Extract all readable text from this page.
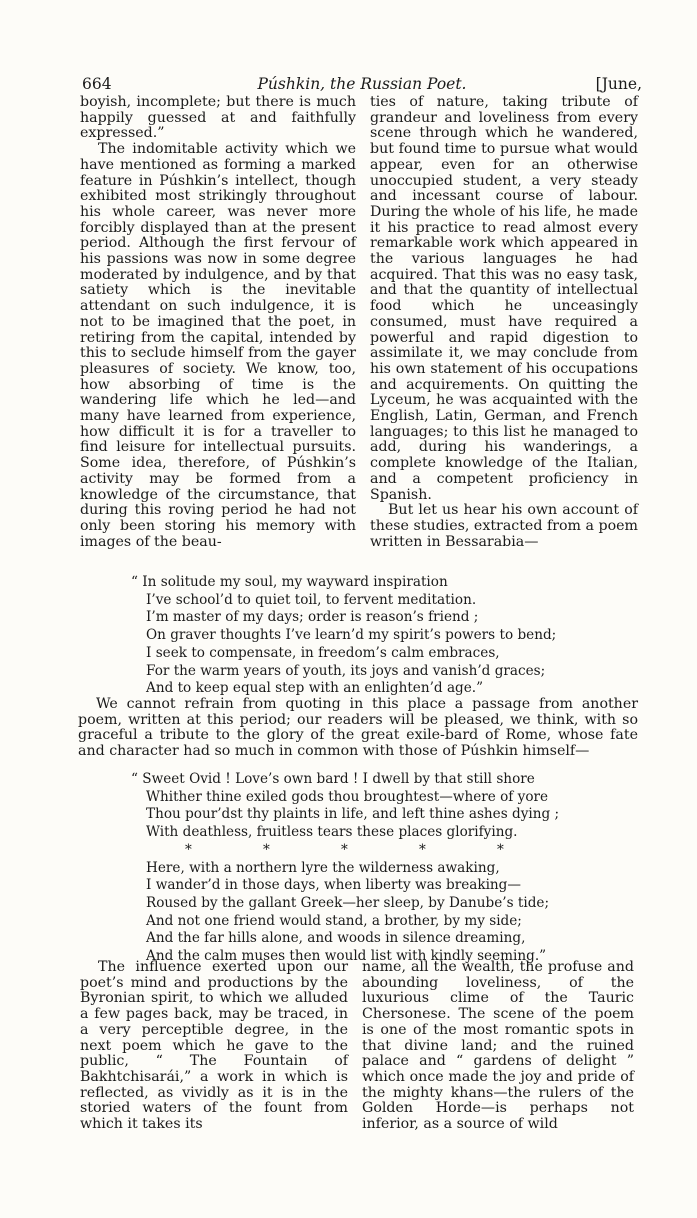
664	Púshkin, the Russian Poet.	[June,

boyish, incomplete; but there is much happily guessed at and faithfully expressed.”

The indomitable activity which we have mentioned as forming a marked feature in Púshkin’s intellect, though exhibited most strikingly throughout his whole career, was never more forcibly displayed than at the present period. Although the first fervour of his passions was now in some degree moderated by indulgence, and by that satiety which is the inevitable attendant on such indulgence, it is not to be imagined that the poet, in retiring from the capital, intended by this to seclude himself from the gayer pleasures of society. We know, too, how absorbing of time is the wandering life which he led—and many have learned from experience, how difficult it is for a traveller to find leisure for intellectual pursuits. Some idea, therefore, of Púshkin’s activity may be formed from a knowledge of the circumstance, that during this roving period he had not only been storing his memory with images of the beau-

ties of nature, taking tribute of grandeur and loveliness from every scene through which he wandered, but found time to pursue what would appear, even for an otherwise unoccupied student, a very steady and incessant course of labour. During the whole of his life, he made it his practice to read almost every remarkable work which appeared in the various languages he had acquired. That this was no easy task, and that the quantity of intellectual food which he unceasingly consumed, must have required a powerful and rapid digestion to assimilate it, we may conclude from his own statement of his occupations and acquirements. On quitting the Lyceum, he was acquainted with the English, Latin, German, and French languages; to this list he managed to add, during his wanderings, a complete knowledge of the Italian, and a competent proficiency in Spanish.

But let us hear his own account of these studies, extracted from a poem written in Bessarabia—

“ In solitude my soul, my wayward inspiration
I’ve school’d to quiet toil, to fervent meditation.
I’m master of my days; order is reason’s friend ;
On graver thoughts I’ve learn’d my spirit’s powers to bend;
I seek to compensate, in freedom’s calm embraces,
For the warm years of youth, its joys and vanish’d graces;
And to keep equal step with an enlighten’d age.”

We cannot refrain from quoting in this place a passage from another poem, written at this period; our readers will be pleased, we think, with so graceful a tribute to the glory of the great exile-bard of Rome, whose fate and character had so much in common with those of Púshkin himself—

“ Sweet Ovid ! Love’s own bard ! I dwell by that still shore
Whither thine exiled gods thou broughtest—where of yore
Thou pour’dst thy plaints in life, and left thine ashes dying ;
With deathless, fruitless tears these places glorifying.
*	*	*	*	*
Here, with a northern lyre the wilderness awaking,
I wander’d in those days, when liberty was breaking—
Roused by the gallant Greek—her sleep, by Danube’s tide;
And not one friend would stand, a brother, by my side;
And the far hills alone, and woods in silence dreaming,
And the calm muses then would list with kindly seeming.”

The influence exerted upon our poet’s mind and productions by the Byronian spirit, to which we alluded a few pages back, may be traced, in a very perceptible degree, in the next poem which he gave to the public, “ The Fountain of Bakhtchisarái,” a work in which is reflected, as vividly as it is in the storied waters of the fount from which it takes its

name, all the wealth, the profuse and abounding loveliness, of the luxurious clime of the Tauric Chersonese. The scene of the poem is one of the most romantic spots in that divine land; and the ruined palace and “ gardens of delight ” which once made the joy and pride of the mighty khans—the rulers of the Golden Horde—is perhaps not inferior, as a source of wild
